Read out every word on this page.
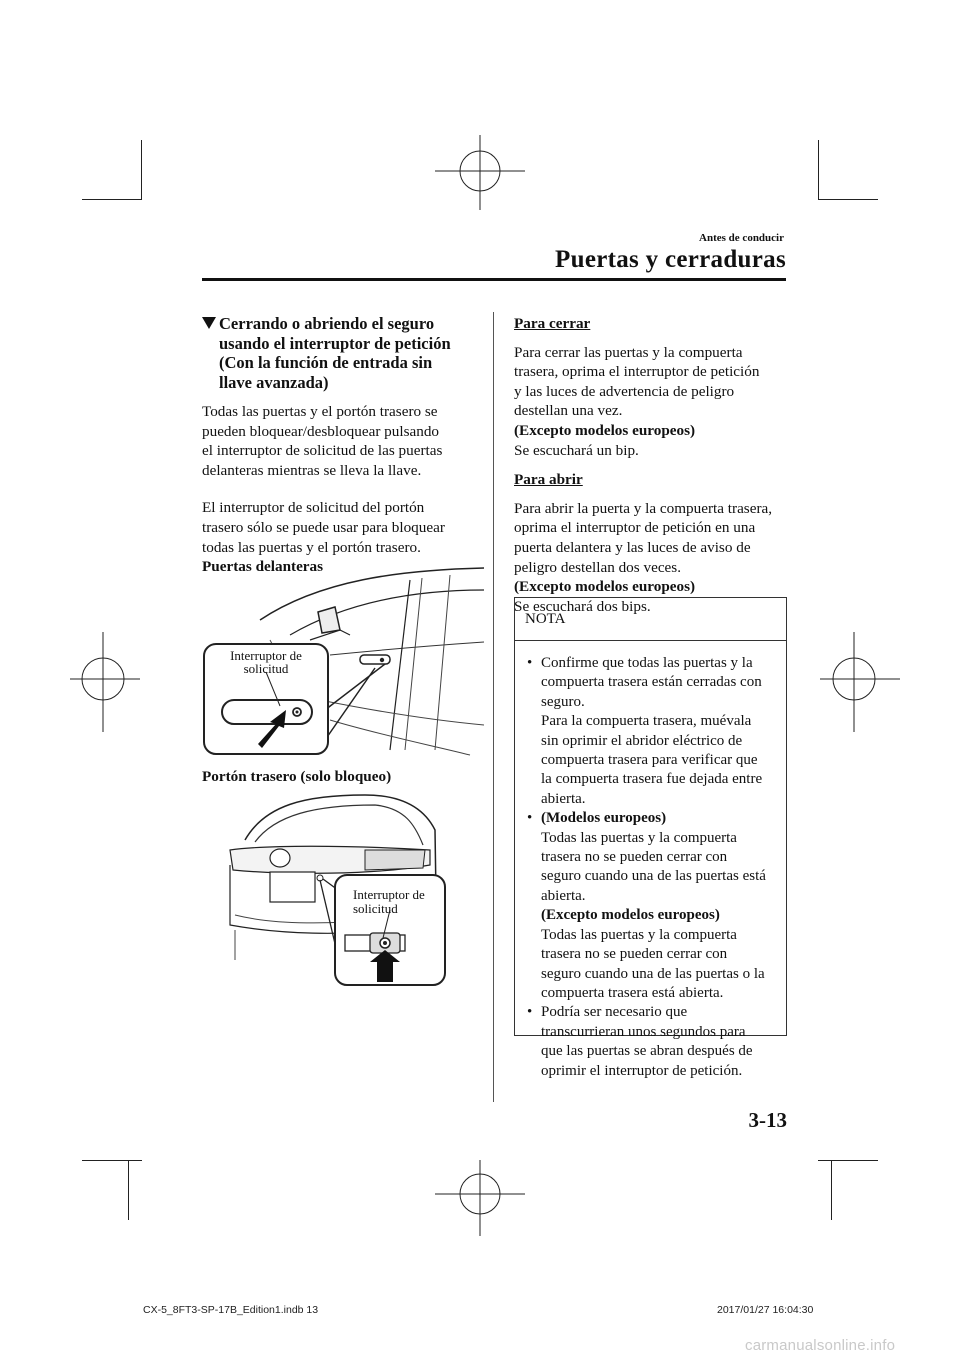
Antes de conducir
Puertas y cerraduras
Cerrando o abriendo el seguro
usando el interruptor de petición
(Con la función de entrada sin
llave avanzada)

Todas las puertas y el portón trasero se

pueden bloquear/desbloquear pulsando

el interruptor de solicitud de las puertas

delanteras mientras se lleva la llave.

El interruptor de solicitud del portón

trasero sólo se puede usar para bloquear

todas las puertas y el portón trasero.

Puertas delanteras

Interruptor de
solicitud
Portón trasero (solo bloqueo)
Interruptor de
solicitud
Para cerrar

Para cerrar las puertas y la compuerta

trasera, oprima el interruptor de petición

y las luces de advertencia de peligro

destellan una vez.

(Excepto modelos europeos)

Se escuchará un bip.

Para abrir

Para abrir la puerta y la compuerta trasera,

oprima el interruptor de petición en una

puerta delantera y las luces de aviso de

peligro destellan dos veces.

(Excepto modelos europeos)

Se escuchará dos bips.

NOTA
• Confirme que todas las puertas y la
compuerta trasera están cerradas con
seguro.
Para la compuerta trasera, muévala
sin oprimir el abridor eléctrico de
compuerta trasera para verificar que
la compuerta trasera fue dejada entre
abierta.
• (Modelos europeos)
Todas las puertas y la compuerta
trasera no se pueden cerrar con
seguro cuando una de las puertas está
abierta.
(Excepto modelos europeos)
Todas las puertas y la compuerta
trasera no se pueden cerrar con
seguro cuando una de las puertas o la
compuerta trasera está abierta.
• Podría ser necesario que
transcurrieran unos segundos para
que las puertas se abran después de
oprimir el interruptor de petición.
3-13
CX-5_8FT3-SP-17B_Edition1.indb 13	2017/01/27 16:04:30
carmanualsonline.info
